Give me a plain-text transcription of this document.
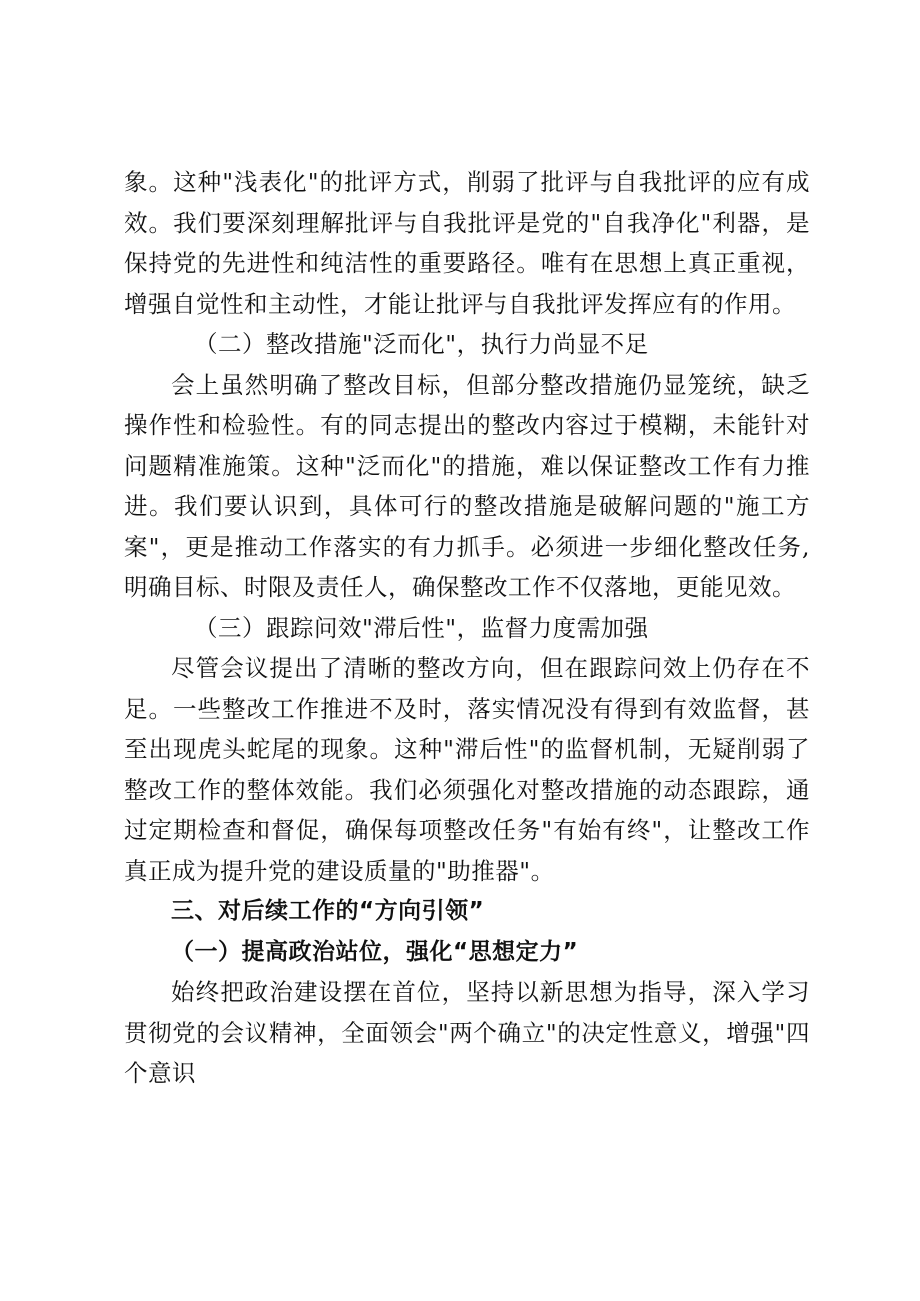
象。这种"浅表化"的批评方式，削弱了批评与自我批评的应有成效。我们要深刻理解批评与自我批评是党的"自我净化"利器，是保持党的先进性和纯洁性的重要路径。唯有在思想上真正重视，增强自觉性和主动性，才能让批评与自我批评发挥应有的作用。

（二）整改措施"泛而化"，执行力尚显不足

会上虽然明确了整改目标，但部分整改措施仍显笼统，缺乏操作性和检验性。有的同志提出的整改内容过于模糊，未能针对问题精准施策。这种"泛而化"的措施，难以保证整改工作有力推进。我们要认识到，具体可行的整改措施是破解问题的"施工方案"，更是推动工作落实的有力抓手。必须进一步细化整改任务,明确目标、时限及责任人，确保整改工作不仅落地，更能见效。

（三）跟踪问效"滞后性"，监督力度需加强

尽管会议提出了清晰的整改方向，但在跟踪问效上仍存在不足。一些整改工作推进不及时，落实情况没有得到有效监督，甚至出现虎头蛇尾的现象。这种"滞后性"的监督机制，无疑削弱了整改工作的整体效能。我们必须强化对整改措施的动态跟踪，通过定期检查和督促，确保每项整改任务"有始有终"，让整改工作真正成为提升党的建设质量的"助推器"。

三、对后续工作的“方向引领”

（一）提高政治站位，强化“思想定力”

始终把政治建设摆在首位，坚持以新思想为指导，深入学习贯彻党的会议精神，全面领会"两个确立"的决定性意义，增强"四个意识
